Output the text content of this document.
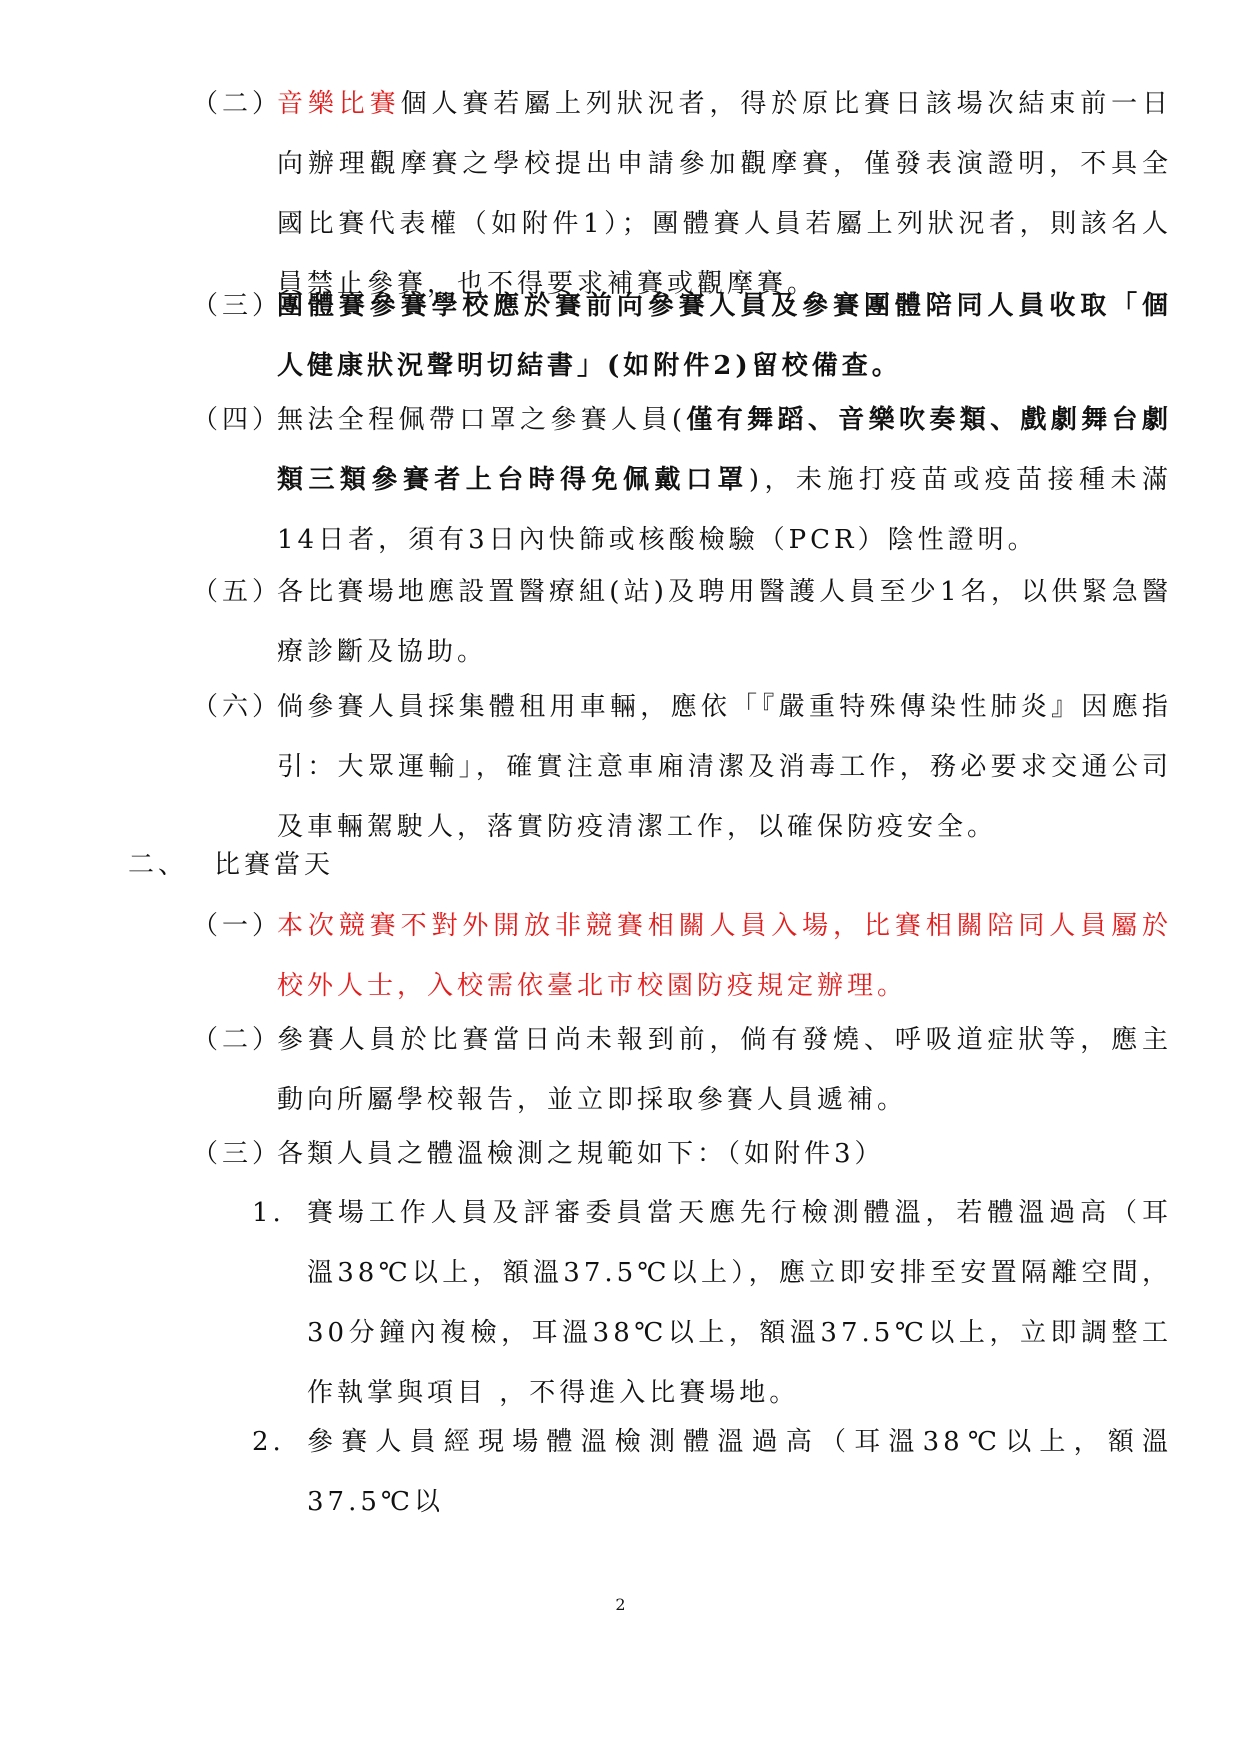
（二）
音樂比賽個人賽若屬上列狀況者，得於原比賽日該場次結束前一日向辦理觀摩賽之學校提出申請參加觀摩賽，僅發表演證明，不具全國比賽代表權（如附件1）；團體賽人員若屬上列狀況者，則該名人員禁止參賽，也不得要求補賽或觀摩賽。
（三）
團體賽參賽學校應於賽前向參賽人員及參賽團體陪同人員收取「個人健康狀況聲明切結書」(如附件2)留校備查。
（四）
無法全程佩帶口罩之參賽人員(僅有舞蹈、音樂吹奏類、戲劇舞台劇類三類參賽者上台時得免佩戴口罩)，未施打疫苗或疫苗接種未滿14日者，須有3日內快篩或核酸檢驗（PCR）陰性證明。
（五）
各比賽場地應設置醫療組(站)及聘用醫護人員至少1名，以供緊急醫療診斷及協助。
（六）
倘參賽人員採集體租用車輛，應依「『嚴重特殊傳染性肺炎』因應指引：大眾運輸」，確實注意車廂清潔及消毒工作，務必要求交通公司及車輛駕駛人，落實防疫清潔工作，以確保防疫安全。
二、 比賽當天
（一）
本次競賽不對外開放非競賽相關人員入場，比賽相關陪同人員屬於校外人士，入校需依臺北市校園防疫規定辦理。
（二）
參賽人員於比賽當日尚未報到前，倘有發燒、呼吸道症狀等，應主動向所屬學校報告，並立即採取參賽人員遞補。
（三）
各類人員之體溫檢測之規範如下：（如附件3）
1. 賽場工作人員及評審委員當天應先行檢測體溫，若體溫過高（耳溫38℃以上，額溫37.5℃以上），應立即安排至安置隔離空間，30分鐘內複檢，耳溫38℃以上，額溫37.5℃以上，立即調整工作執掌與項目 ，不得進入比賽場地。
2. 參賽人員經現場體溫檢測體溫過高（耳溫38℃以上，額溫37.5℃以
2
